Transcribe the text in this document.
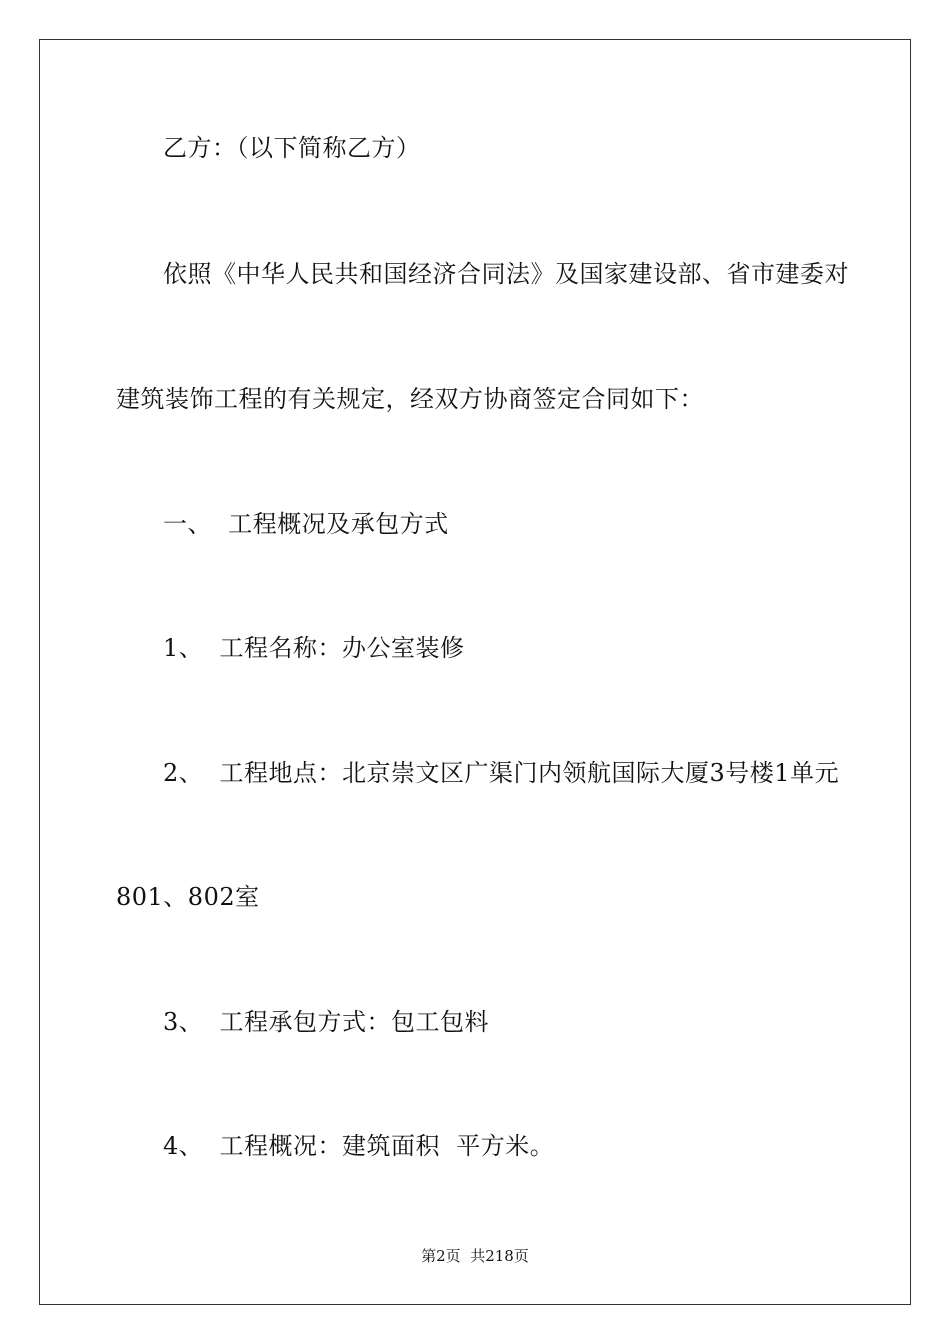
乙方：（以下简称乙方）
依照《中华人民共和国经济合同法》及国家建设部、省市建委对
建筑装饰工程的有关规定，经双方协商签定合同如下：
一、  工程概况及承包方式
1、  工程名称：办公室装修
2、  工程地点：北京崇文区广渠门内领航国际大厦3号楼1单元
801、802室
3、  工程承包方式：包工包料
4、  工程概况：建筑面积  平方米。
第2页  共218页
